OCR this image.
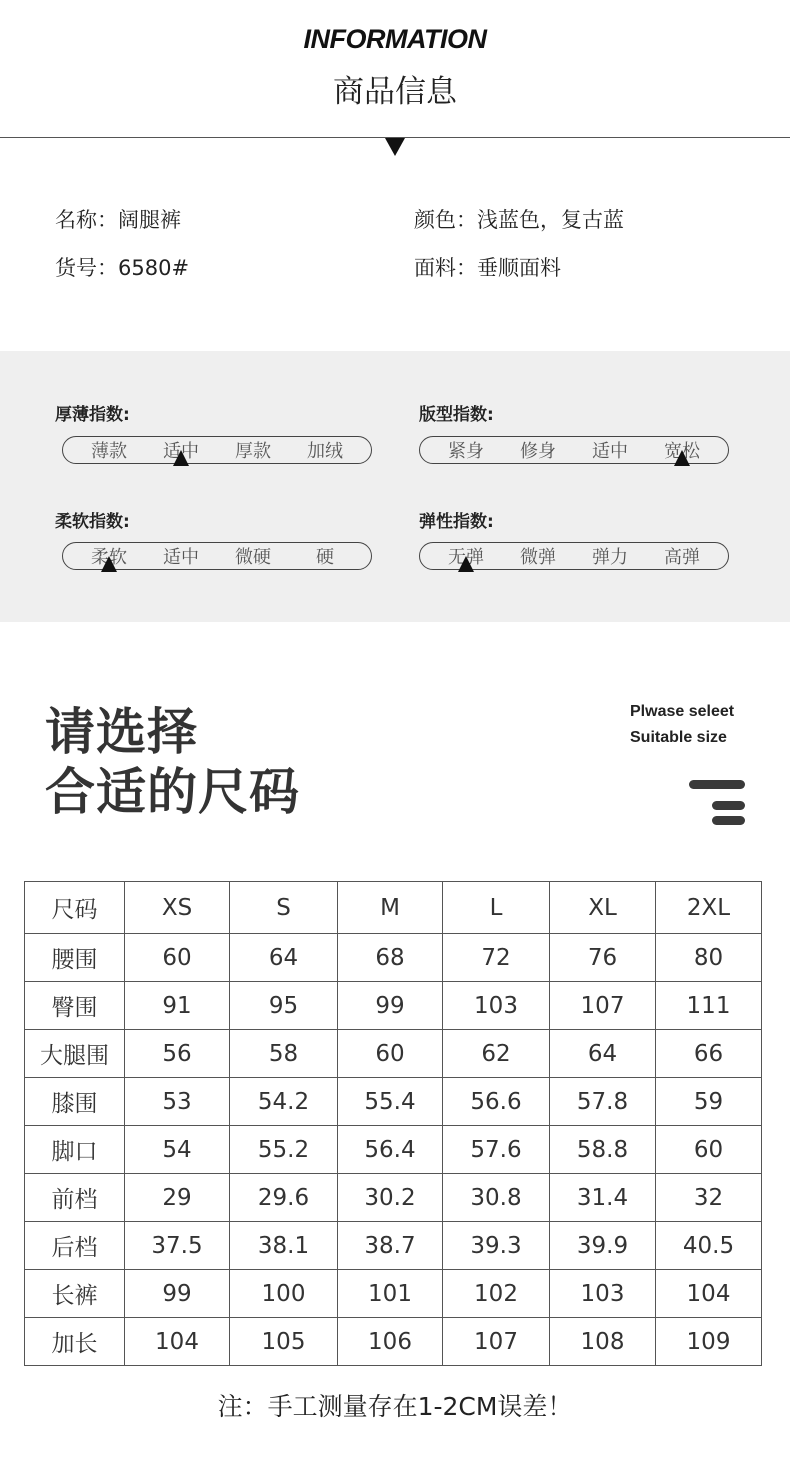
INFORMATION
商品信息
名称：阔腿裤	颜色：浅蓝色，复古蓝
货号：6580#	面料：垂顺面料
厚薄指数:
薄款	适中	厚款	加绒
版型指数:
紧身	修身	适中	宽松
柔软指数:
柔软	适中	微硬	硬
弹性指数:
无弹	微弹	弹力	高弹
请选择
合适的尺码
Plwase seleet
Suitable size
尺码	XS	S	M	L	XL	2XL
腰围	60	64	68	72	76	80
臀围	91	95	99	103	107	111
大腿围	56	58	60	62	64	66
膝围	53	54.2	55.4	56.6	57.8	59
脚口	54	55.2	56.4	57.6	58.8	60
前档	29	29.6	30.2	30.8	31.4	32
后档	37.5	38.1	38.7	39.3	39.9	40.5
长裤	99	100	101	102	103	104
加长	104	105	106	107	108	109
注：手工测量存在1-2CM误差！
